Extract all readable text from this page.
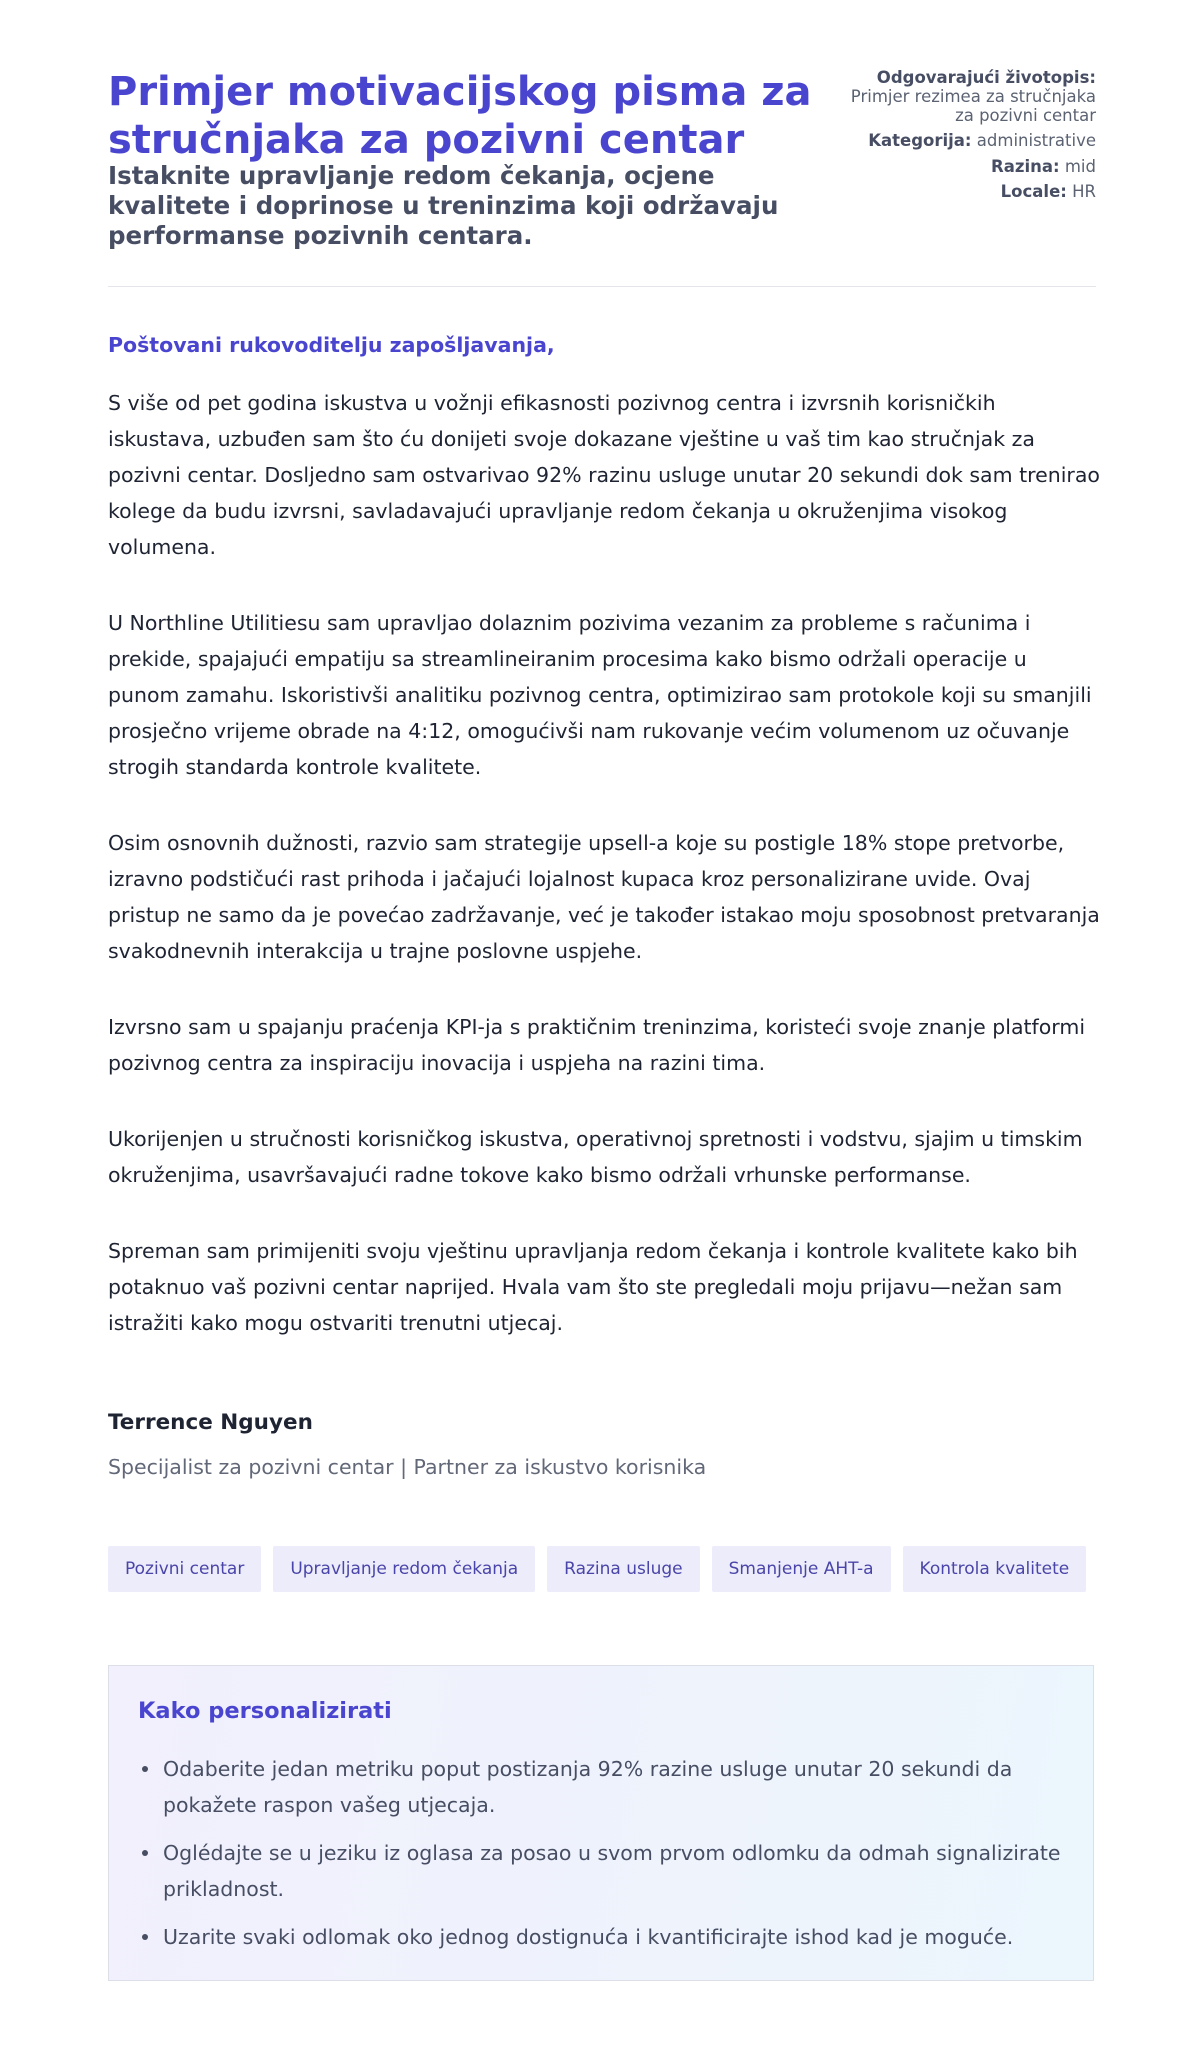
Primjer motivacijskog pisma za stručnjaka za pozivni centar
Istaknite upravljanje redom čekanja, ocjene kvalitete i doprinose u treninzima koji održavaju performanse pozivnih centara.
Odgovarajući životopis:
Primjer rezimea za stručnjaka za pozivni centar
Kategorija: administrative
Razina: mid
Locale: HR

Poštovani rukovoditelju zapošljavanja,

S više od pet godina iskustva u vožnji efikasnosti pozivnog centra i izvrsnih korisničkih iskustava, uzbuđen sam što ću donijeti svoje dokazane vještine u vaš tim kao stručnjak za pozivni centar. Dosljedno sam ostvarivao 92% razinu usluge unutar 20 sekundi dok sam trenirao kolege da budu izvrsni, savladavajući upravljanje redom čekanja u okruženjima visokog volumena.

U Northline Utilitiesu sam upravljao dolaznim pozivima vezanim za probleme s računima i prekide, spajajući empatiju sa streamlineiranim procesima kako bismo održali operacije u punom zamahu. Iskoristivši analitiku pozivnog centra, optimizirao sam protokole koji su smanjili prosječno vrijeme obrade na 4:12, omogućivši nam rukovanje većim volumenom uz očuvanje strogih standarda kontrole kvalitete.

Osim osnovnih dužnosti, razvio sam strategije upsell-a koje su postigle 18% stope pretvorbe, izravno podstičući rast prihoda i jačajući lojalnost kupaca kroz personalizirane uvide. Ovaj pristup ne samo da je povećao zadržavanje, već je također istakao moju sposobnost pretvaranja svakodnevnih interakcija u trajne poslovne uspjehe.

Izvrsno sam u spajanju praćenja KPI-ja s praktičnim treninzima, koristeći svoje znanje platformi pozivnog centra za inspiraciju inovacija i uspjeha na razini tima.

Ukorijenjen u stručnosti korisničkog iskustva, operativnoj spretnosti i vodstvu, sjajim u timskim okruženjima, usavršavajući radne tokove kako bismo održali vrhunske performanse.

Spreman sam primijeniti svoju vještinu upravljanja redom čekanja i kontrole kvalitete kako bih potaknuo vaš pozivni centar naprijed. Hvala vam što ste pregledali moju prijavu—nežan sam istražiti kako mogu ostvariti trenutni utjecaj.

Terrence Nguyen
Specijalist za pozivni centar | Partner za iskustvo korisnika
Pozivni centar	Upravljanje redom čekanja	Razina usluge	Smanjenje AHT-a	Kontrola kvalitete
Kako personalizirati
Odaberite jedan metriku poput postizanja 92% razine usluge unutar 20 sekundi da pokažete raspon vašeg utjecaja.
Oglédajte se u jeziku iz oglasa za posao u svom prvom odlomku da odmah signalizirate prikladnost.
Uzarite svaki odlomak oko jednog dostignuća i kvantificirajte ishod kad je moguće.
